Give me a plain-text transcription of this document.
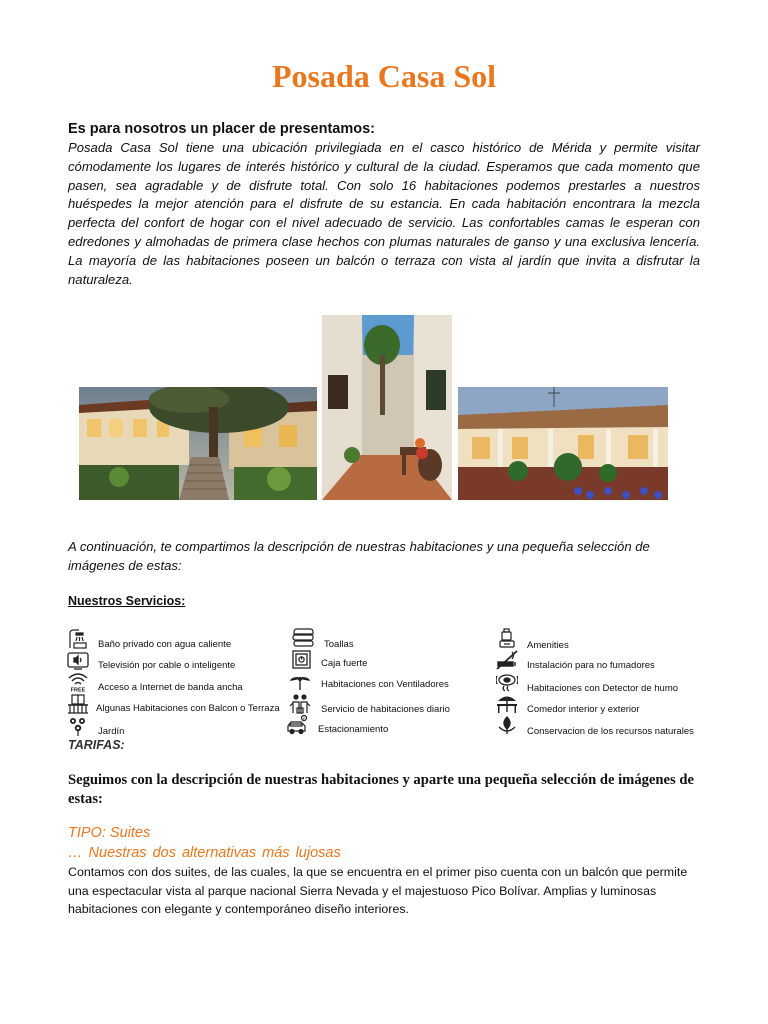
Posada Casa Sol

Es para nosotros un placer de presentamos:

Posada Casa Sol tiene una ubicación privilegiada en el casco histórico de Mérida y permite visitar cómodamente los lugares de interés histórico y cultural de la ciudad. Esperamos que cada momento que pasen, sea agradable y de disfrute total. Con solo 16 habitaciones podemos prestarles a nuestros huéspedes la mejor atención para el disfrute de su estancia. En cada habitación encontrara la mezcla perfecta del confort de hogar con el nivel adecuado de servicio. Las confortables camas le esperan con edredones y almohadas de primera clase hechos con plumas naturales de ganso y una exclusiva lencería. La mayoría de las habitaciones poseen un balcón o terraza con vista al jardín que invita a disfrutar la naturaleza.

A continuación, te compartimos la descripción de nuestras habitaciones y una pequeña selección de imágenes de estas:

Nuestros Servicios:

Baño privado con agua caliente
Televisión por cable o inteligente
FREE Acceso a Internet de banda ancha
Algunas Habitaciones con Balcon o Terraza
Jardín
Toallas
Caja fuerte
Habitaciones con Ventiladores
Servicio de habitaciones diario
P
Estacionamiento
Amenities
Instalación para no fumadores
Habitaciones con Detector de humo
Comedor interior y exterior
Conservacion de los recursos naturales

TARIFAS:

Seguimos con la descripción de nuestras habitaciones y aparte una pequeña selección de imágenes de estas:

TIPO: Suites

… Nuestras dos alternativas más lujosas

Contamos con dos suites, de las cuales, la que se encuentra en el primer piso cuenta con un balcón que permite una espectacular vista al parque nacional Sierra Nevada y el majestuoso Pico Bolívar. Amplias y luminosas habitaciones con elegante y contemporáneo diseño interiores.
